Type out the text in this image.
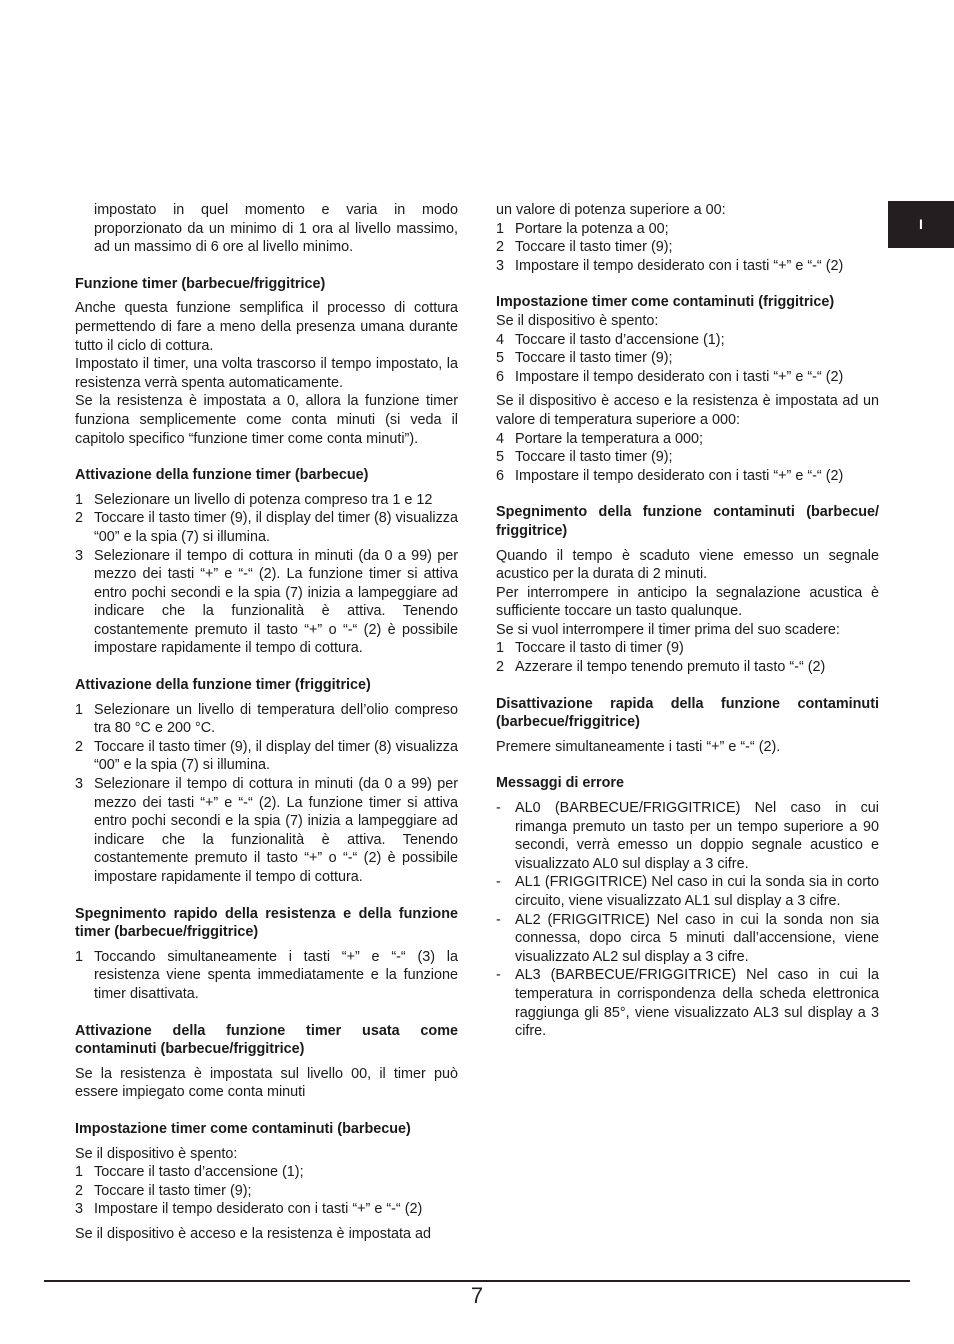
I
impostato in quel momento e varia in modo proporzionato da un minimo di 1 ora al livello massimo, ad un massimo di 6 ore al livello minimo.
Funzione timer (barbecue/friggitrice)
Anche questa funzione semplifica il processo di cottura permettendo di fare a meno della presenza umana durante tutto il ciclo di cottura.
Impostato il timer, una volta trascorso il tempo impostato, la resistenza verrà spenta automaticamente.
Se la resistenza è impostata a 0, allora la funzione timer funziona semplicemente come conta minuti (si veda il capitolo specifico “funzione timer come conta minuti”).
Attivazione della funzione timer (barbecue)
1 Selezionare un livello di potenza compreso tra 1 e 12
2 Toccare il tasto timer (9), il display del timer (8) visualizza “00” e la spia (7) si illumina.
3 Selezionare il tempo di cottura in minuti (da 0 a 99) per mezzo dei tasti “+” e “-“ (2). La funzione timer si attiva entro pochi secondi e la spia (7) inizia a lampeggiare ad indicare che la funzionalità è attiva. Tenendo costantemente premuto il tasto “+” o “-“ (2) è possibile impostare rapidamente il tempo di cottura.
Attivazione della funzione timer (friggitrice)
1 Selezionare un livello di temperatura dell’olio compreso tra 80 °C e 200 °C.
2 Toccare il tasto timer (9), il display del timer (8) visualizza “00” e la spia (7) si illumina.
3 Selezionare il tempo di cottura in minuti (da 0 a 99) per mezzo dei tasti “+” e “-“ (2). La funzione timer si attiva entro pochi secondi e la spia (7) inizia a lampeggiare ad indicare che la funzionalità è attiva. Tenendo costantemente premuto il tasto “+” o “-“ (2) è possibile impostare rapidamente il tempo di cottura.
Spegnimento rapido della resistenza e della funzione timer (barbecue/friggitrice)
1 Toccando simultaneamente i tasti “+” e “-“ (3) la resistenza viene spenta immediatamente e la funzione timer disattivata.
Attivazione della funzione timer usata come contaminuti (barbecue/friggitrice)
Se la resistenza è impostata sul livello 00, il timer può essere impiegato come conta minuti
Impostazione timer come contaminuti (barbecue)
Se il dispositivo è spento:
1 Toccare il tasto d’accensione (1);
2 Toccare il tasto timer (9);
3 Impostare il tempo desiderato con i tasti “+” e “-“ (2)
Se il dispositivo è acceso e la resistenza è impostata ad
un valore di potenza superiore a 00:
1 Portare la potenza a 00;
2 Toccare il tasto timer (9);
3 Impostare il tempo desiderato con i tasti “+” e “-“ (2)
Impostazione timer come contaminuti (friggitrice)
Se il dispositivo è spento:
4 Toccare il tasto d’accensione (1);
5 Toccare il tasto timer (9);
6 Impostare il tempo desiderato con i tasti “+” e “-“ (2)
Se il dispositivo è acceso e la resistenza è impostata ad un valore di temperatura superiore a 000:
4 Portare la temperatura a 000;
5 Toccare il tasto timer (9);
6 Impostare il tempo desiderato con i tasti “+” e “-“ (2)
Spegnimento della funzione contaminuti (barbecue/ friggitrice)
Quando il tempo è scaduto viene emesso un segnale acustico per la durata di 2 minuti.
Per interrompere in anticipo la segnalazione acustica è sufficiente toccare un tasto qualunque.
Se si vuol interrompere il timer prima del suo scadere:
1 Toccare il tasto di timer (9)
2 Azzerare il tempo tenendo premuto il tasto “-“ (2)
Disattivazione rapida della funzione contaminuti (barbecue/friggitrice)
Premere simultaneamente i tasti “+” e “-“ (2).
Messaggi di errore
- AL0 (BARBECUE/FRIGGITRICE) Nel caso in cui rimanga premuto un tasto per un tempo superiore a 90 secondi, verrà emesso un doppio segnale acustico e visualizzato AL0 sul display a 3 cifre.
- AL1 (FRIGGITRICE) Nel caso in cui la sonda sia in corto circuito, viene visualizzato AL1 sul display a 3 cifre.
- AL2 (FRIGGITRICE) Nel caso in cui la sonda non sia connessa, dopo circa 5 minuti dall’accensione, viene visualizzato AL2 sul display a 3 cifre.
- AL3 (BARBECUE/FRIGGITRICE) Nel caso in cui la temperatura in corrispondenza della scheda elettronica raggiunga gli 85°, viene visualizzato AL3 sul display a 3 cifre.
7
